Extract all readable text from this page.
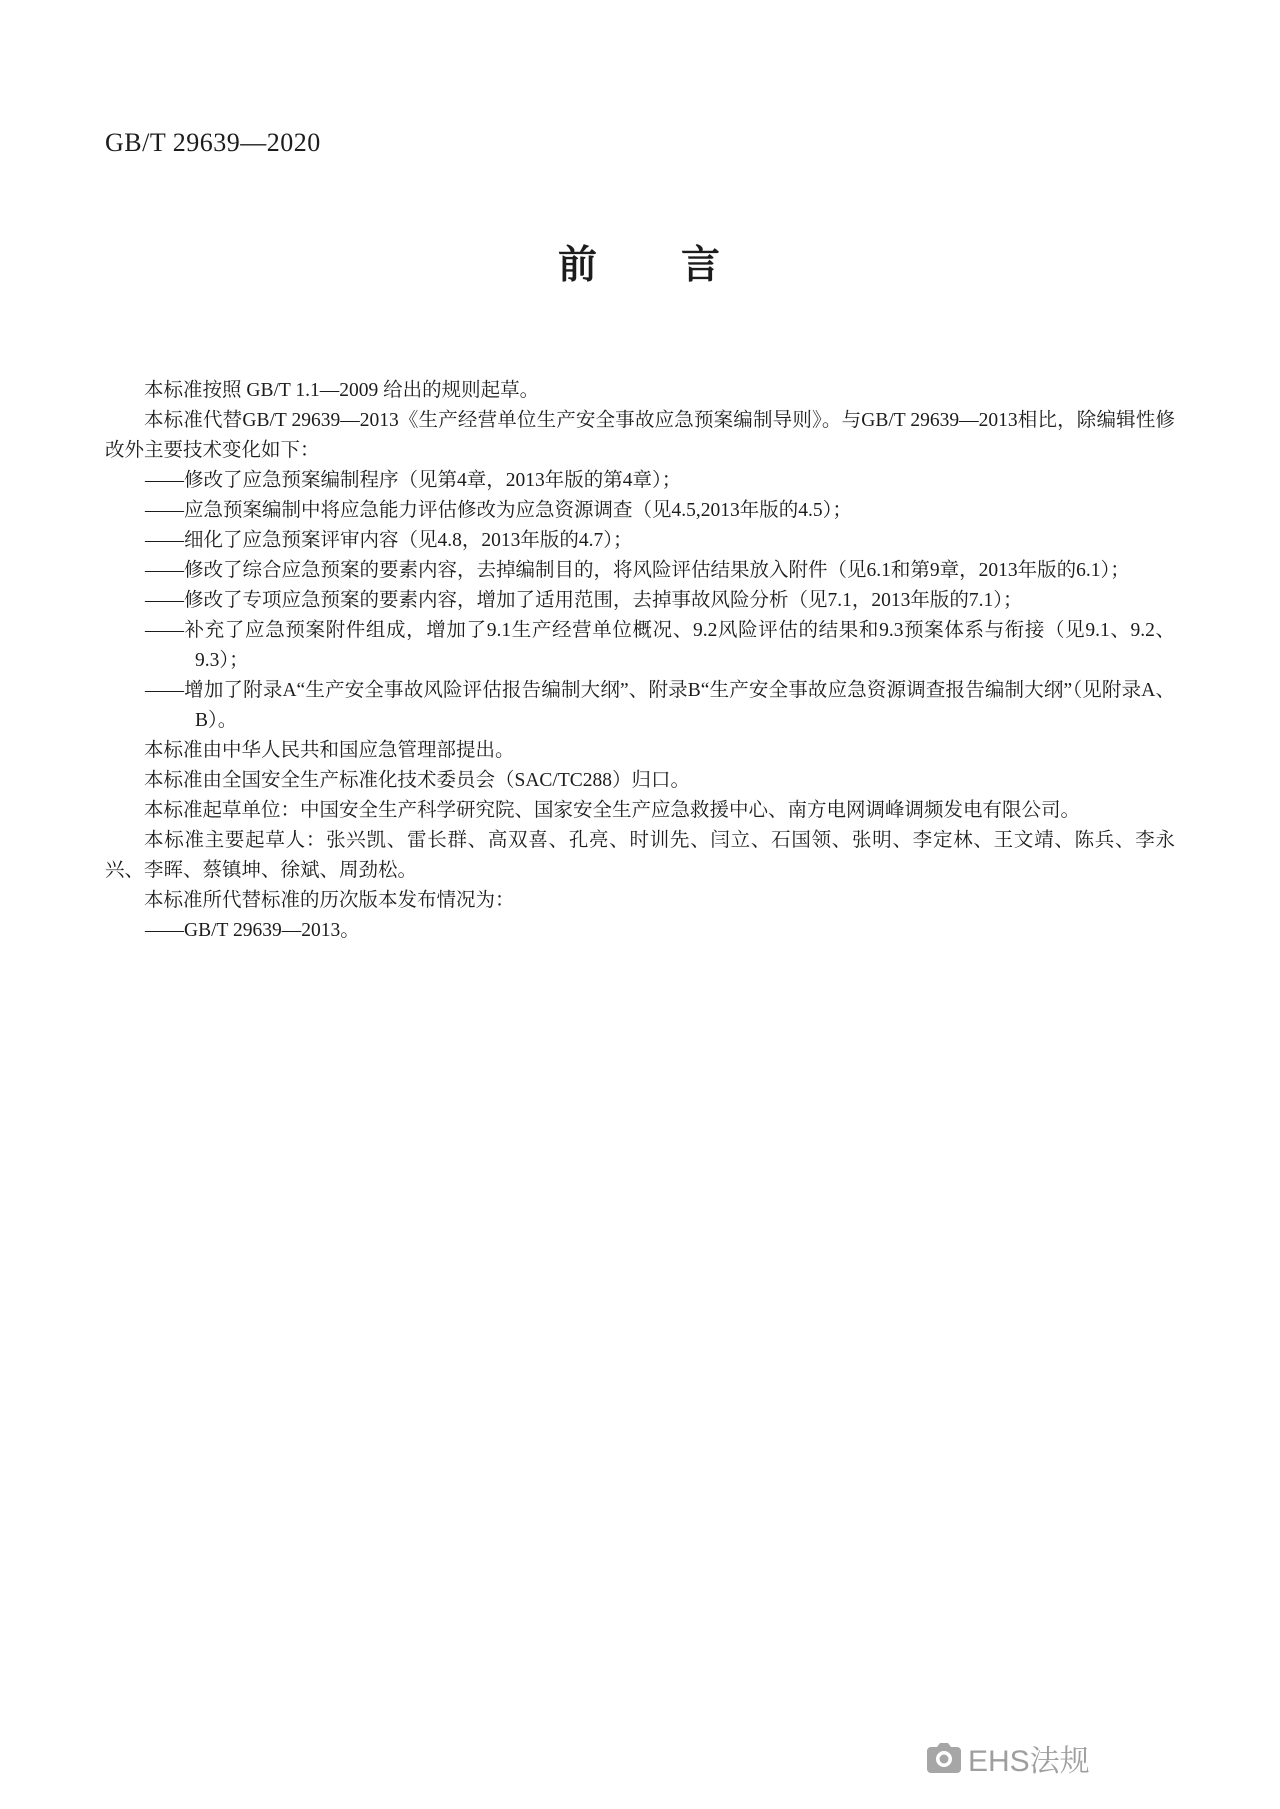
GB/T 29639—2020
前　　言

本标准按照 GB/T 1.1—2009 给出的规则起草。

本标准代替GB/T 29639—2013《生产经营单位生产安全事故应急预案编制导则》。与GB/T 29639—2013相比，除编辑性修改外主要技术变化如下：

——修改了应急预案编制程序（见第4章，2013年版的第4章）；

——应急预案编制中将应急能力评估修改为应急资源调查（见4.5,2013年版的4.5）；

——细化了应急预案评审内容（见4.8，2013年版的4.7）；

——修改了综合应急预案的要素内容，去掉编制目的，将风险评估结果放入附件（见6.1和第9章，2013年版的6.1）；

——修改了专项应急预案的要素内容，增加了适用范围，去掉事故风险分析（见7.1，2013年版的7.1）；

——补充了应急预案附件组成，增加了9.1生产经营单位概况、9.2风险评估的结果和9.3预案体系与衔接（见9.1、9.2、9.3）；

——增加了附录A“生产安全事故风险评估报告编制大纲”、附录B“生产安全事故应急资源调查报告编制大纲”（见附录A、B）。

本标准由中华人民共和国应急管理部提出。

本标准由全国安全生产标准化技术委员会（SAC/TC288）归口。

本标准起草单位：中国安全生产科学研究院、国家安全生产应急救援中心、南方电网调峰调频发电有限公司。

本标准主要起草人：张兴凯、雷长群、高双喜、孔亮、时训先、闫立、石国领、张明、李定林、王文靖、陈兵、李永兴、李晖、蔡镇坤、徐斌、周劲松。

本标准所代替标准的历次版本发布情况为：

——GB/T 29639—2013。

EHS法规
